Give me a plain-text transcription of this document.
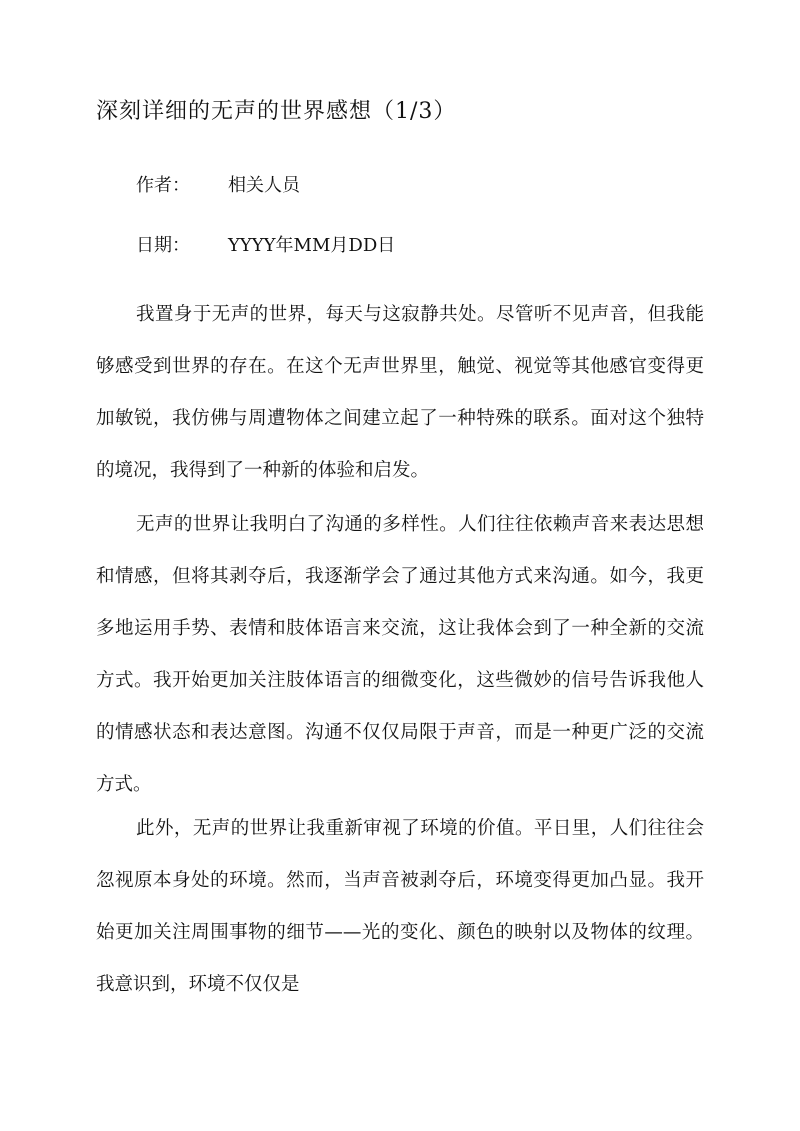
深刻详细的无声的世界感想（1/3）
作者： 相关人员
日期： YYYY年MM月DD日

我置身于无声的世界，每天与这寂静共处。尽管听不见声音，但我能够感受到世界的存在。在这个无声世界里，触觉、视觉等其他感官变得更加敏锐，我仿佛与周遭物体之间建立起了一种特殊的联系。面对这个独特的境况，我得到了一种新的体验和启发。

无声的世界让我明白了沟通的多样性。人们往往依赖声音来表达思想和情感，但将其剥夺后，我逐渐学会了通过其他方式来沟通。如今，我更多地运用手势、表情和肢体语言来交流，这让我体会到了一种全新的交流方式。我开始更加关注肢体语言的细微变化，这些微妙的信号告诉我他人的情感状态和表达意图。沟通不仅仅局限于声音，而是一种更广泛的交流方式。

此外，无声的世界让我重新审视了环境的价值。平日里，人们往往会忽视原本身处的环境。然而，当声音被剥夺后，环境变得更加凸显。我开始更加关注周围事物的细节——光的变化、颜色的映射以及物体的纹理。我意识到，环境不仅仅是
